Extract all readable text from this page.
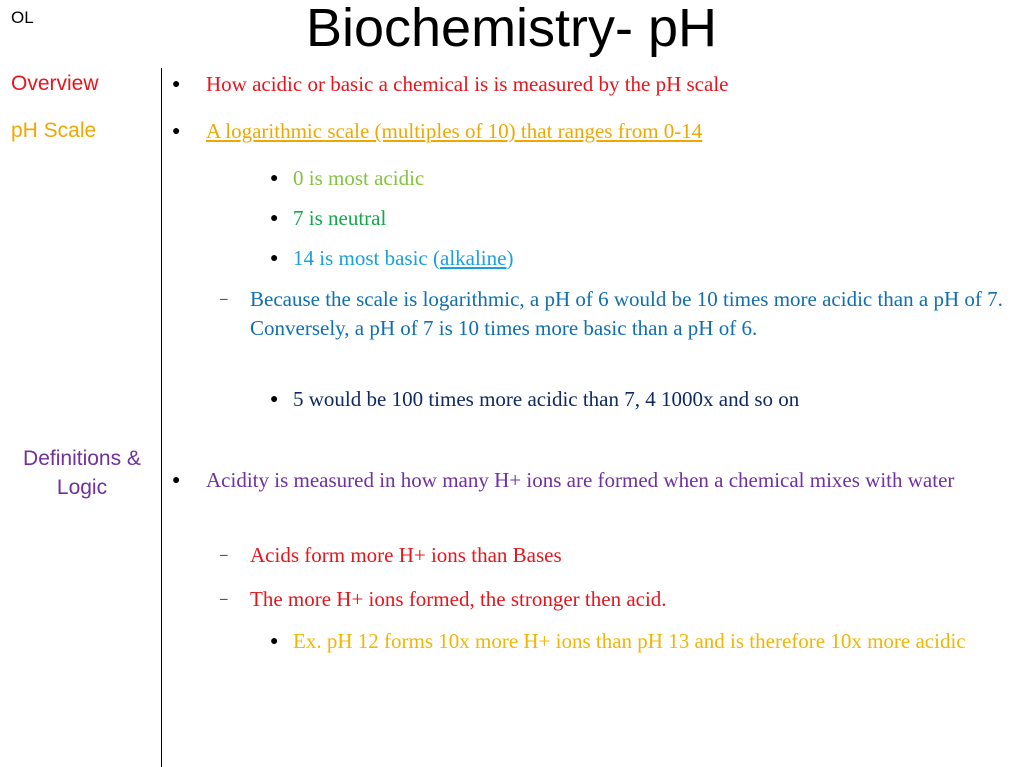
OL	Biochemistry- pH
Overview
pH Scale
Definitions &
Logic
● How acidic or basic a chemical is is measured by the pH scale
● A logarithmic scale (multiples of 10) that ranges from 0-14
● 0 is most acidic
● 7 is neutral
● 14 is most basic (alkaline)
– Because the scale is logarithmic, a pH of 6 would be 10 times more acidic than a pH of 7. Conversely, a pH of 7 is 10 times more basic than a pH of 6.
● 5 would be 100 times more acidic than 7, 4 1000x and so on
● Acidity is measured in how many H+ ions are formed when a chemical mixes with water
– Acids form more H+ ions than Bases
– The more H+ ions formed, the stronger then acid.
● Ex. pH 12 forms 10x more H+ ions than pH 13 and is therefore 10x more acidic
